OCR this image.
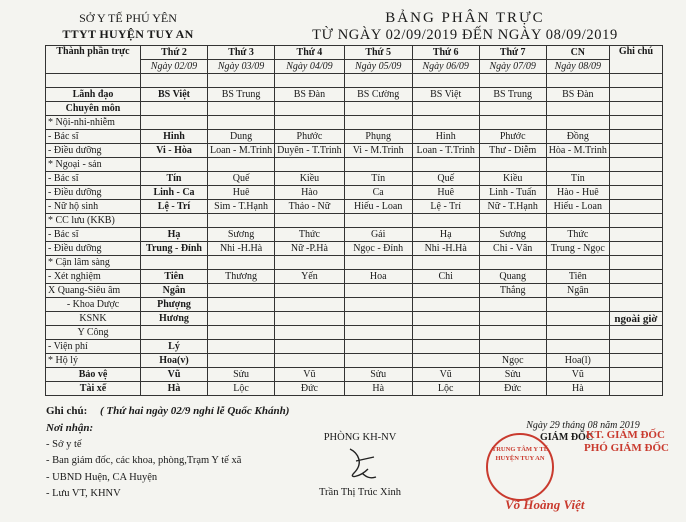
SỞ Y TẾ PHÚ YÊN
TTYT HUYỆN TUY AN
BẢNG PHÂN TRỰC
TỪ NGÀY 02/09/2019 ĐẾN NGÀY 08/09/2019
Thành phần trực	Thứ 2	Thứ 3	Thứ 4	Thứ 5	Thứ 6	Thứ 7	CN	Ghi chú
	Ngày 02/09	Ngày 03/09	Ngày 04/09	Ngày 05/09	Ngày 06/09	Ngày 07/09	Ngày 08/09	

Lãnh đạo	BS Việt	BS Trung	BS Đàn	BS Cường	BS Việt	BS Trung	BS Đàn	
Chuyên môn								
* Nội-nhi-nhiễm								
- Bác sĩ	Hinh	Dung	Phước	Phụng	Hinh	Phước	Đồng	
- Điều dưỡng	Vi - Hòa	Loan - M.Trinh	Duyên - T.Trinh	Vi - M.Trinh	Loan - T.Trinh	Thư - Diễm	Hòa - M.Trinh	
* Ngoại - sản								
- Bác sĩ	Tín	Quế	Kiều	Tín	Quế	Kiều	Tín	
- Điều dưỡng	Linh - Ca	Huê	Hào	Ca	Huê	Linh - Tuấn	Hào - Huê	
- Nữ hộ sinh	Lệ - Trí	Sim - T.Hạnh	Thảo - Nữ	Hiếu - Loan	Lệ - Trí	Nữ - T.Hạnh	Hiếu - Loan	
* CC lưu (KKB)								
- Bác sĩ	Hạ	Sương	Thức	Gái	Hạ	Sương	Thức	
- Điều dưỡng	Trung - Đỉnh	Nhi -H.Hà	Nữ -P.Hà	Ngọc - Đỉnh	Nhi -H.Hà	Chi - Vân	Trung - Ngọc	
* Cận lâm sàng								
- Xét nghiệm	Tiên	Thương	Yến	Hoa	Chi	Quang	Tiên	
X Quang-Siêu âm	Ngân					Thắng	Ngân	
- Khoa Dược	Phượng							
KSNK	Hương							ngoài giờ
Y Công								
- Viện phí	Lý							
* Hộ lý	Hoa(v)					Ngọc	Hoa(l)	
Bảo vệ	Vũ	Sửu	Vũ	Sửu	Vũ	Sửu	Vũ	
Tài xế	Hà	Lộc	Đức	Hà	Lộc	Đức	Hà	
Ghi chú: ( Thứ hai ngày 02/9 nghỉ lễ Quốc Khánh)
Nơi nhận:
- Sở y tế
- Ban giám đốc, các khoa, phòng,Trạm Y tế xã
- UBND Huện, CA Huyện
- Lưu VT, KHNV
PHÒNG KH-NV
Trần Thị Trúc Xinh
Ngày 29 tháng 08 năm 2019
GIÁM ĐỐC
TRUNG TÂM Y TẾ HUYỆN TUY AN
KT. GIÁM ĐỐC
PHÓ GIÁM ĐỐC
Võ Hoàng Việt
